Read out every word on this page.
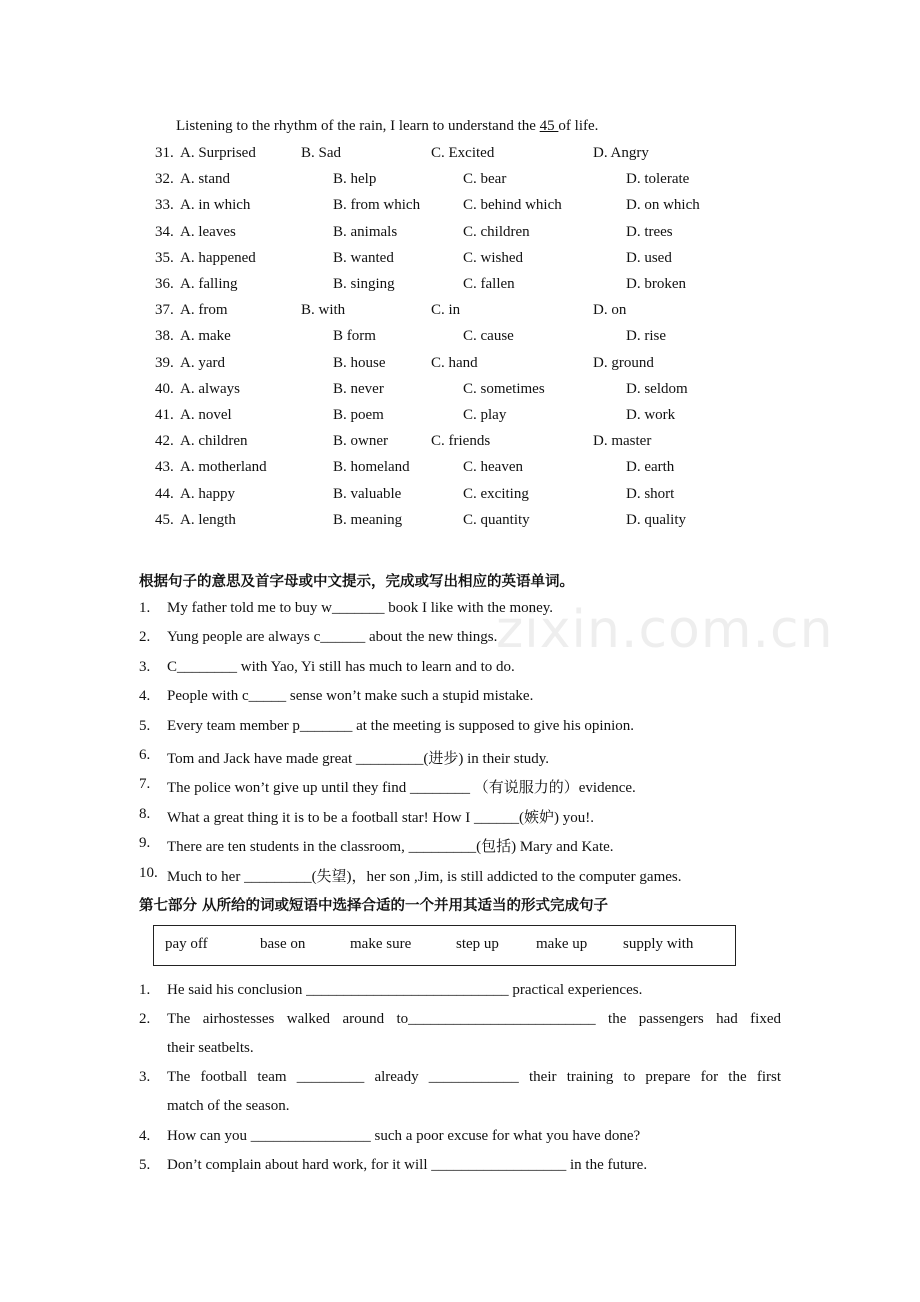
zixin.com.cn
Listening to the rhythm of the rain, I learn to understand the 45 of life.
31. A. Surprised	B. Sad	C. Excited	D. Angry
32. A. stand	B. help	C. bear	D. tolerate
33. A. in which	B. from which	C. behind which	D. on which
34. A. leaves	B. animals	C. children	D. trees
35. A. happened	B. wanted	C. wished	D. used
36. A. falling	B. singing	C. fallen	D. broken
37. A. from	B. with	C. in	D. on
38. A. make	B form	C. cause	D. rise
39. A. yard	B. house	C. hand	D. ground
40. A. always	B. never	C. sometimes	D. seldom
41. A. novel	B. poem	C. play	D. work
42. A. children	B. owner	C. friends	D. master
43. A. motherland	B. homeland	C. heaven	D. earth
44. A. happy	B. valuable	C. exciting	D. short
45. A. length	B. meaning	C. quantity	D. quality
根据句子的意思及首字母或中文提示，完成或写出相应的英语单词。
1. My father told me to buy w_______ book I like with the money.
2. Yung people are always c______ about the new things.
3. C________ with Yao, Yi still has much to learn and to do.
4. People with c_____ sense won’t make such a stupid mistake.
5. Every team member p_______ at the meeting is supposed to give his opinion.
6. Tom and Jack have made great _________(进步) in their study.
7. The police won’t give up until they find ________ （有说服力的）evidence.
8. What a great thing it is to be a football star! How I ______(嫉妒) you!.
9. There are ten students in the classroom, _________(包括) Mary and Kate.
10. Much to her _________(失望)，her son ,Jim, is still addicted to the computer games.
第七部分 从所给的词或短语中选择合适的一个并用其适当的形式完成句子
pay off	base on	make sure	step up make up supply with
1. He said his conclusion ___________________________ practical experiences.
2. The airhostesses walked around to_________________________ the passengers had fixed
their seatbelts.
3. The football team _________ already ____________ their training to prepare for the first
match of the season.
4. How can you ________________ such a poor excuse for what you have done?
5. Don’t complain about hard work, for it will __________________ in the future.
